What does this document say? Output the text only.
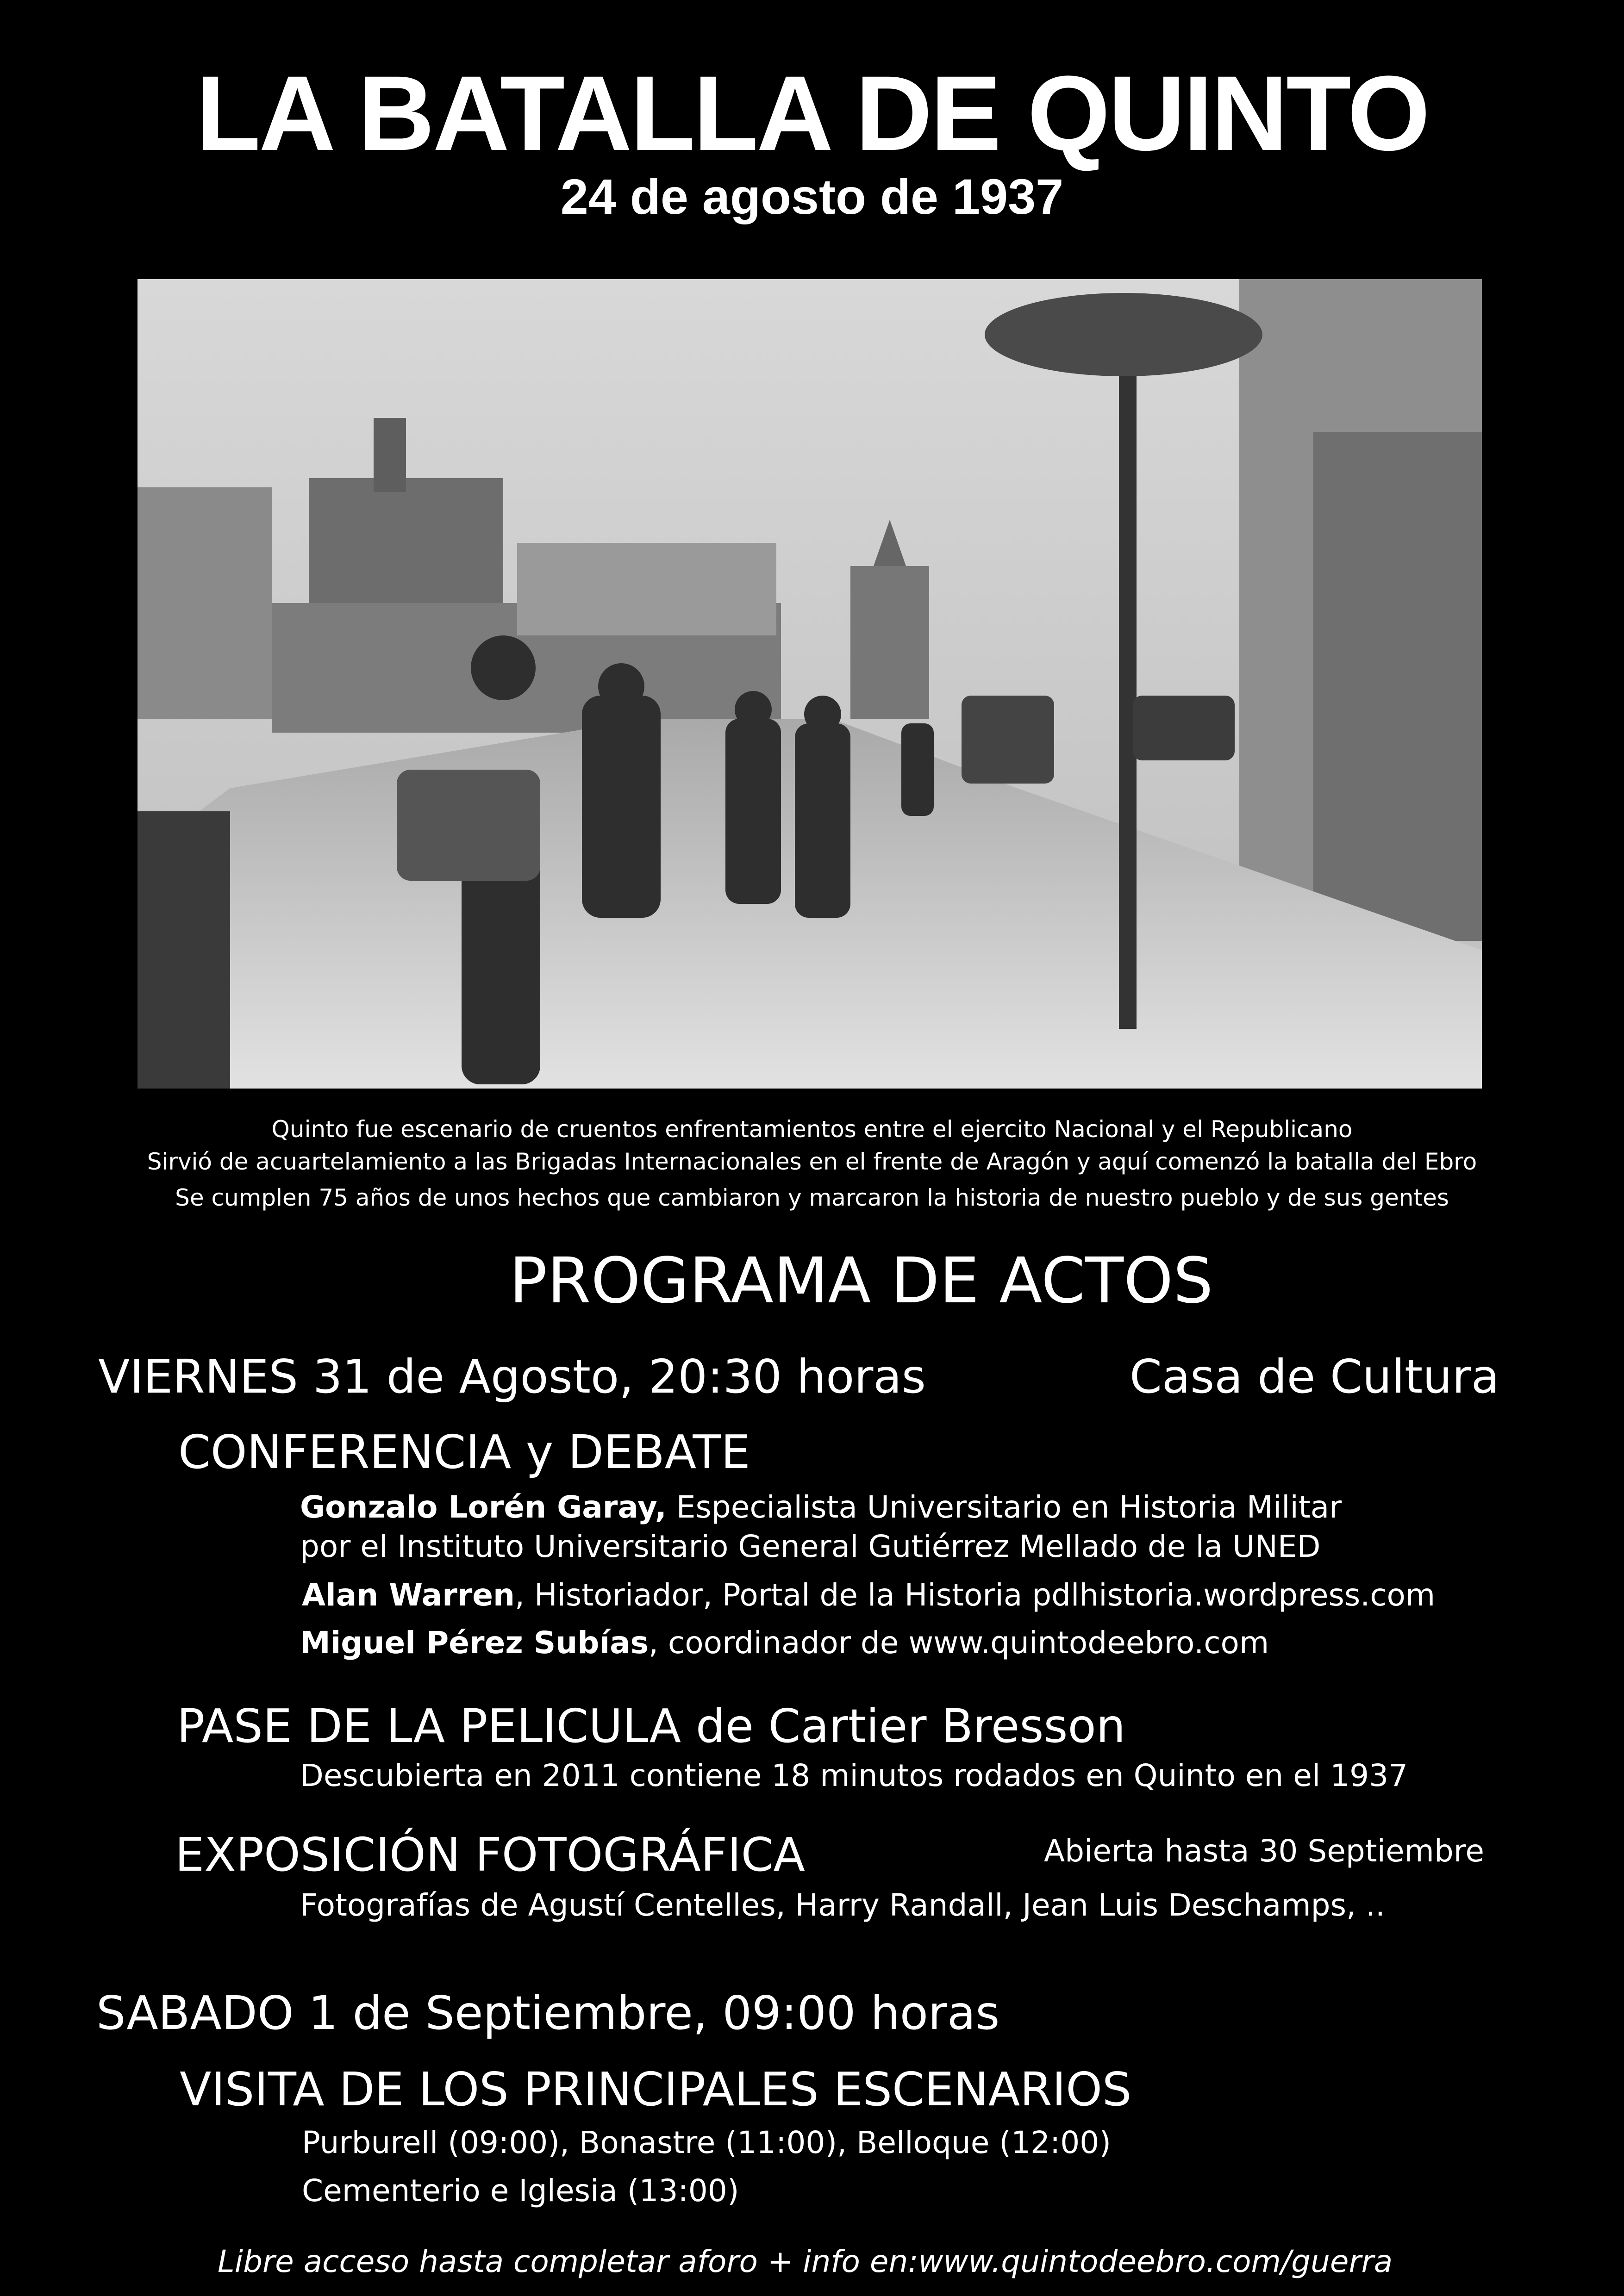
LA BATALLA DE QUINTO
24 de agosto de 1937
Quinto fue escenario de cruentos enfrentamientos entre el ejercito Nacional y el Republicano
Sirvió de acuartelamiento a las Brigadas Internacionales en el frente de Aragón y aquí comenzó la batalla del Ebro
Se cumplen 75 años de unos hechos que cambiaron y marcaron la historia de nuestro pueblo y de sus gentes
PROGRAMA DE ACTOS
VIERNES 31 de Agosto, 20:30 horas	Casa de Cultura
CONFERENCIA y DEBATE
Gonzalo Lorén Garay, Especialista Universitario en Historia Militar
por el Instituto Universitario General Gutiérrez Mellado de la UNED
Alan Warren, Historiador, Portal de la Historia pdlhistoria.wordpress.com
Miguel Pérez Subías, coordinador de www.quintodeebro.com
PASE DE LA PELICULA de Cartier Bresson
Descubierta en 2011 contiene 18 minutos rodados en Quinto en el 1937
EXPOSICIÓN FOTOGRÁFICA	Abierta hasta 30 Septiembre
Fotografías de Agustí Centelles, Harry Randall, Jean Luis Deschamps, ..
SABADO 1 de Septiembre, 09:00 horas
VISITA DE LOS PRINCIPALES ESCENARIOS
Purburell (09:00), Bonastre (11:00), Belloque (12:00)
Cementerio e Iglesia (13:00)
Libre acceso hasta completar aforo + info en:www.quintodeebro.com/guerra
